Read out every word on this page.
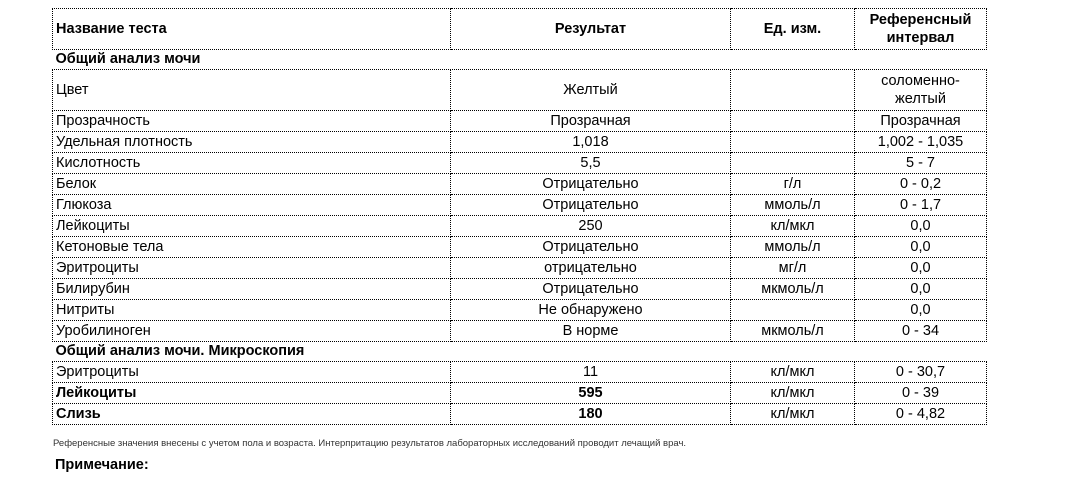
Название теста	Результат	Ед. изм.	Референсный интервал
Общий анализ мочи			
Цвет	Желтый		соломенно-желтый
Прозрачность	Прозрачная		Прозрачная
Удельная плотность	1,018		1,002 - 1,035
Кислотность	5,5		5 - 7
Белок	Отрицательно	г/л	0 - 0,2
Глюкоза	Отрицательно	ммоль/л	0 - 1,7
Лейкоциты	250	кл/мкл	0,0
Кетоновые тела	Отрицательно	ммоль/л	0,0
Эритроциты	отрицательно	мг/л	0,0
Билирубин	Отрицательно	мкмоль/л	0,0
Нитриты	Не обнаружено		0,0
Уробилиноген	В норме	мкмоль/л	0 - 34
Общий анализ мочи. Микроскопия			
Эритроциты	11	кл/мкл	0 - 30,7
Лейкоциты	595	кл/мкл	0 - 39
Слизь	180	кл/мкл	0 - 4,82
Референсные значения внесены с учетом пола и возраста. Интерпритацию результатов лабораторных исследований проводит лечащий врач.
Примечание:
